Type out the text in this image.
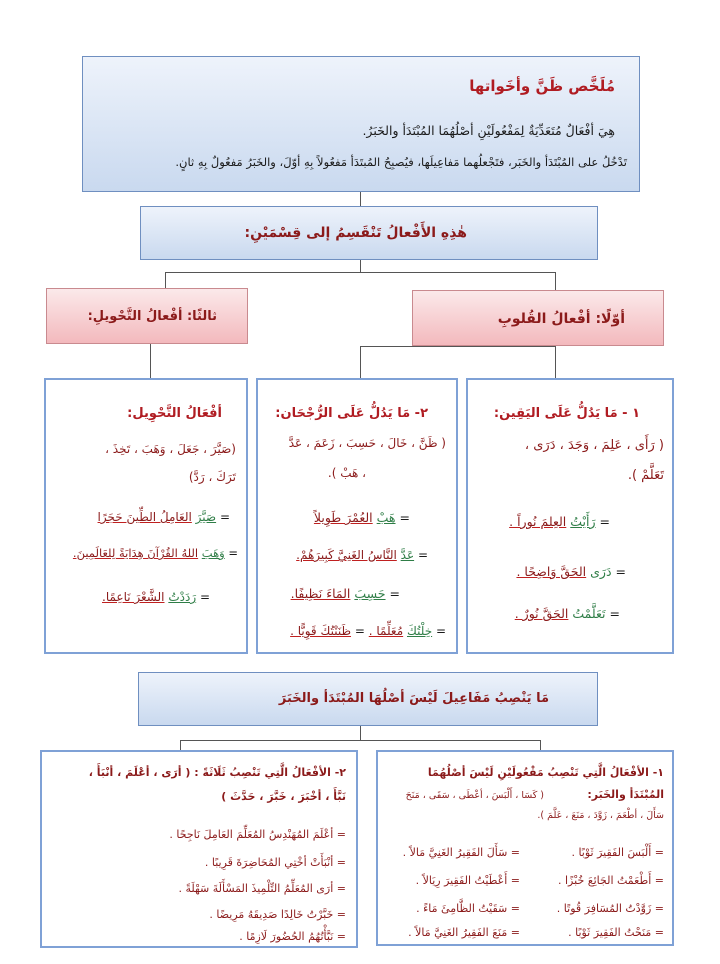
مُلَخَّص ظَنَّ وأخَواتها
هِيَ أفْعَالٌ مُتَعَدِّيَةٌ لِمَفْعُولَيْنِ أصْلُهُمَا المُبْتَدَأ والخَبَرُ.
تَدْخُلُ على المُبْتَدَأ والخَبَر، فتَجْعلُهما مَفاعِيلَها، فيُصبِحُ المُبتَدَأ مَفعُولاً بِهِ أوّلَ، والخَبَرُ مَفعُولٌ بِهِ ثانٍ.
هٰذِهِ الأَفْعالُ تَنْقَسِمُ إلى قِسْمَيْنِ:
أوّلًا: أفْعالُ القُلوبِ
ثالثًا: أفْعالُ التَّحْويلِ:
١ - مَا يَدُلُّ عَلَى اليَقِين:
( رَأَى ، عَلِمَ ، وَجَدَ ، دَرَى ،
تَعَلَّمْ ).
= رَأَيْتُ العِلمَ نُوراً .
= دَرَى الحَقَّ وَاضِحًا .
= تَعَلَّمْتُ الحَقَّ نُورٌ .
٢- مَا يَدُلُّ عَلَى الرُّجْحَان:
( ظَنَّ ، خَالَ ، حَسِبَ ، زَعَمَ ، عَدَّ
، هَبْ ).
= هَبْ العُمْرَ طَوِيلاً
= عَدَّ النَّاسُ الغَنِيَّ كَبِيرَهُمْ.
= حَسِبَ المَاءَ نَظِيفًا.
= خِلْتُكَ مُعَلِّمًا . = ظَنَنْتُكَ قَوِيًّا .
أفْعَالُ التَّحْوِيل:
(صَيَّرَ ، جَعَلَ ، وَهَبَ ، تَخِذَ ،
تَرَكَ ، رَدَّ)
= صَيَّرَ العَامِلُ الطِّينَ حَجَرًا
= وَهَبَ اللهُ القُرْآنَ هِدَايَةً لِلعَالَمِينَ.
= رَدَدْتُ الشَّعْرَ نَاعِمًا.
مَا يَنْصِبُ مَفَاعِيلَ لَيْسَ أصْلُهَا المُبْتَدَأ والخَبَرَ
١- الأفْعَالُ الَّتِي تَنْصِبُ مَفْعُولَيْنِ لَيْسَ أصْلُهُمَا
المُبْتَدَأ والخَبَر:
( كَسَا ، أَلْبَسَ ، أعْطَى ، سَقَى ، مَنَحَ
سَأَلَ ، أطْعَمَ ، زَوَّدَ ، مَنَعَ ، عَلَّمَ ).
= أَلْبَسَ الفَقِيرَ ثَوْبًا .
= سَأَلَ الفَقِيرُ الغَنِيَّ مَالاً .
= أَطْعَمْتُ الجَائِعَ خُبْزًا .
= أَعْطَيْتُ الفَقِيرَ رِيَالاً .
= زَوَّدْتُ المُسَافِرَ قُوتًا .
= سَقَيْتُ الظَّامِئَ مَاءً .
= مَنَحْتُ الفَقِيرَ ثَوْبًا .
= مَنَعَ الفَقِيرُ الغَنِيَّ مَالاً .
٢- الأفْعَالُ الَّتِي تَنْصِبُ ثَلَاثَةً : ( أرَى ، أعْلَمَ ، أنْبَأَ ،
نَبَّأَ ، أخْبَرَ ، خَبَّرَ ، حَدَّثَ )
= أعْلَمَ المُهَنْدِسُ المُعَلِّمَ العَامِلَ نَاجِحًا .
= أنْبَأَتْ أخْتِي المُحَاضِرَةَ قَرِيبًا .
= أرَى المُعَلِّمُ التِّلْمِيذَ المَسْأَلَةَ سَهْلَةً .
= خَبَّرْتُ خَالِدًا صَدِيقَهُ مَرِيضًا .
= نَبَّأْتُهُمُ الحُضُورَ لَازِمًا .
